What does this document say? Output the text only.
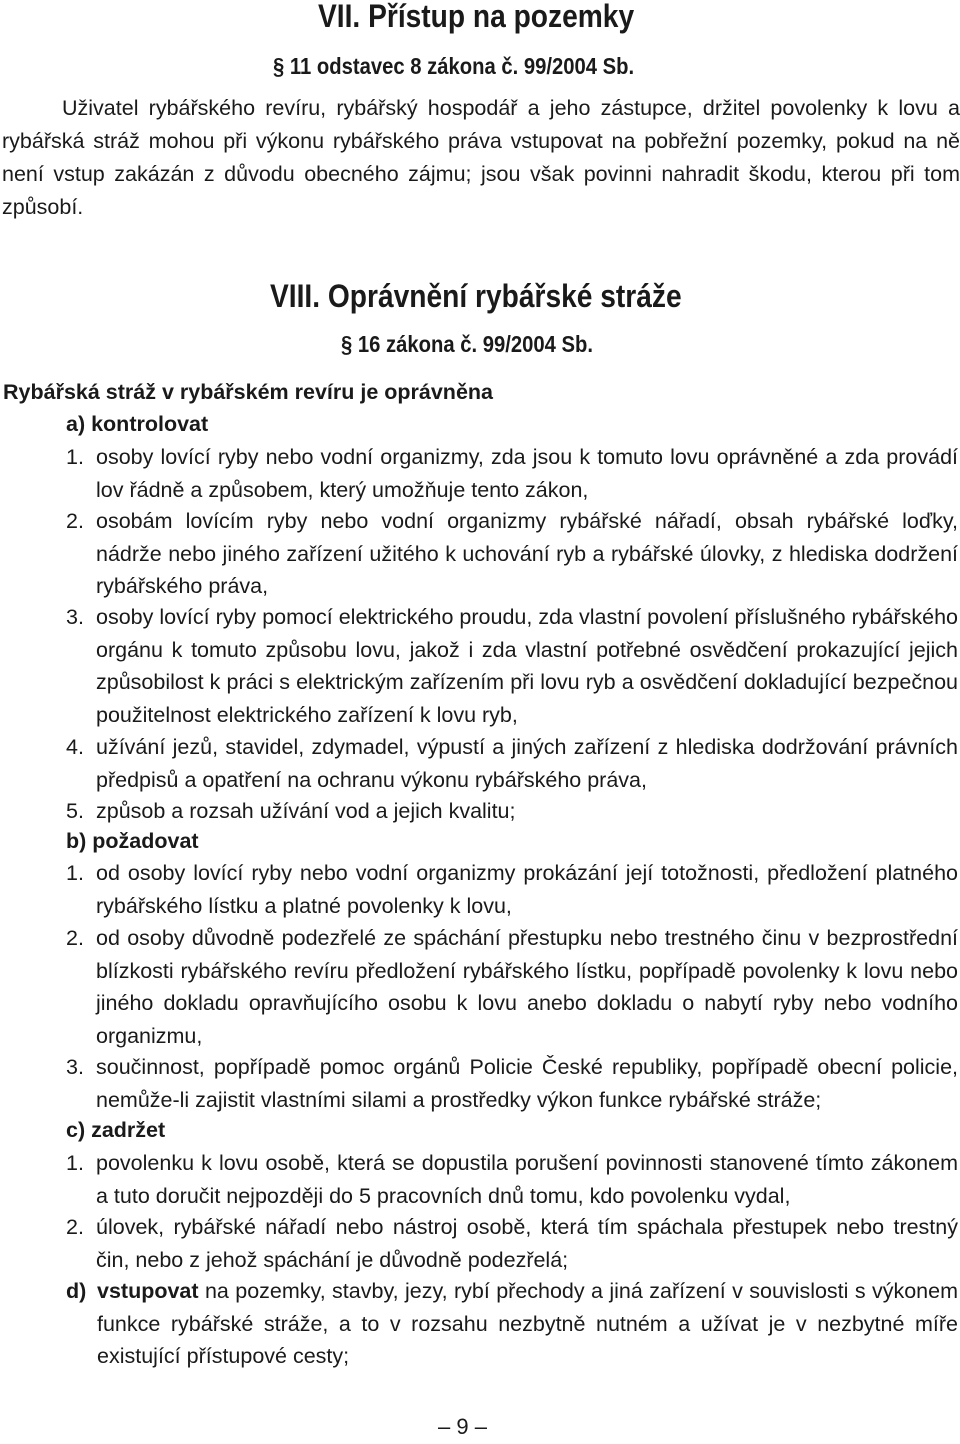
VII. Přístup na pozemky
§ 11 odstavec 8 zákona č. 99/2004 Sb.

Uživatel rybářského revíru, rybářský hospodář a jeho zástupce, držitel povolenky k lovu a rybářská stráž mohou při výkonu rybářského práva vstupovat na pobřežní pozemky, pokud na ně není vstup zakázán z důvodu obecného zájmu; jsou však povinni nahradit škodu, kterou při tom způsobí.

VIII. Oprávnění rybářské stráže
§ 16 zákona č. 99/2004 Sb.

Rybářská stráž v rybářském revíru je oprávněna

a) kontrolovat

1. osoby lovící ryby nebo vodní organizmy, zda jsou k tomuto lovu oprávněné a zda provádí lov řádně a způsobem, který umožňuje tento zákon,

2. osobám lovícím ryby nebo vodní organizmy rybářské nářadí, obsah rybářské loďky, nádrže nebo jiného zařízení užitého k uchování ryb a rybářské úlovky, z hlediska dodržení rybářského práva,

3. osoby lovící ryby pomocí elektrického proudu, zda vlastní povolení příslušného rybářského orgánu k tomuto způsobu lovu, jakož i zda vlastní potřebné osvědčení prokazující jejich způsobilost k práci s elektrickým zařízením při lovu ryb a osvědčení dokladující bezpečnou použitelnost elektrického zařízení k lovu ryb,

4. užívání jezů, stavidel, zdymadel, výpustí a jiných zařízení z hlediska dodržování právních předpisů a opatření na ochranu výkonu rybářského práva,

5. způsob a rozsah užívání vod a jejich kvalitu;

b) požadovat

1. od osoby lovící ryby nebo vodní organizmy prokázání její totožnosti, předložení platného rybářského lístku a platné povolenky k lovu,

2. od osoby důvodně podezřelé ze spáchání přestupku nebo trestného činu v bezprostřední blízkosti rybářského revíru předložení rybářského lístku, popřípadě povolenky k lovu nebo jiného dokladu opravňujícího osobu k lovu anebo dokladu o nabytí ryby nebo vodního organizmu,

3. součinnost, popřípadě pomoc orgánů Policie České republiky, popřípadě obecní policie, nemůže-li zajistit vlastními silami a prostředky výkon funkce rybářské stráže;

c) zadržet

1. povolenku k lovu osobě, která se dopustila porušení povinnosti stanovené tímto zákonem a tuto doručit nejpozději do 5 pracovních dnů tomu, kdo povolenku vydal,

2. úlovek, rybářské nářadí nebo nástroj osobě, která tím spáchala přestupek nebo trestný čin, nebo z jehož spáchání je důvodně podezřelá;

d) vstupovat na pozemky, stavby, jezy, rybí přechody a jiná zařízení v souvislosti s výkonem funkce rybářské stráže, a to v rozsahu nezbytně nutném a užívat je v nezbytné míře existující přístupové cesty;

– 9 –
